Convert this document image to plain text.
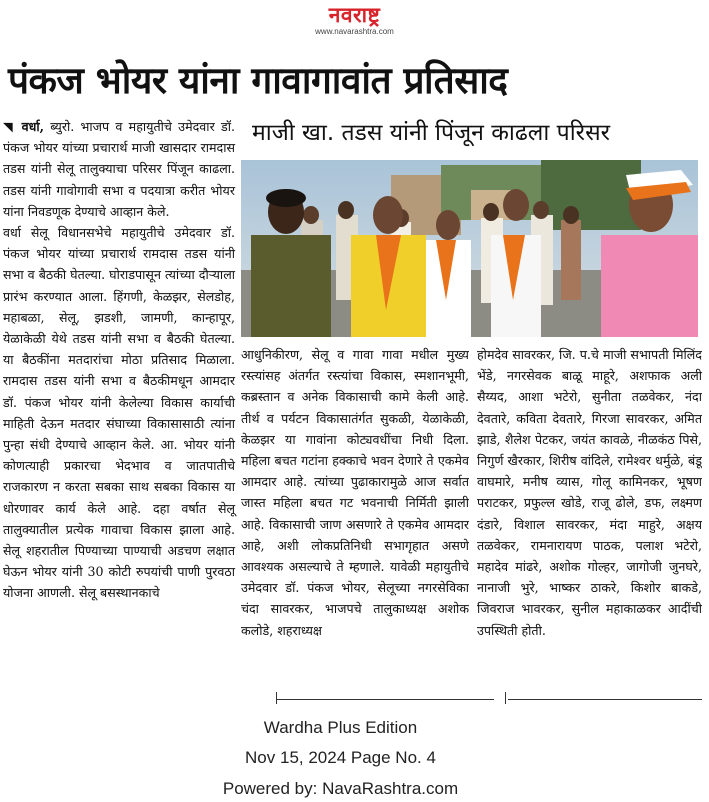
नवराष्ट्र
www.navarashtra.com
पंकज भोयर यांना गावागावांत प्रतिसाद

◥ वर्धा, ब्युरो. भाजप व महायुतीचे उमेदवार डॉ. पंकज भोयर यांच्या प्रचारार्थ माजी खासदार रामदास तडस यांनी सेलू तालुक्याचा परिसर पिंजून काढला. तडस यांनी गावोगावी सभा व पदयात्रा करीत भोयर यांना निवडणूक देण्याचे आव्हान केले.

वर्धा सेलू विधानसभेचे महायुतीचे उमेदवार डॉ. पंकज भोयर यांच्या प्रचारार्थ रामदास तडस यांनी सभा व बैठकी घेतल्या. घोराडपासून त्यांच्या दौऱ्याला प्रारंभ करण्यात आला. हिंगणी, केळझर, सेलडोह, महाबळा, सेलू, झडशी, जामणी, कान्हापूर, येळाकेळी येथे तडस यांनी सभा व बैठकी घेतल्या. या बैठकींना मतदारांचा मोठा प्रतिसाद मिळाला. रामदास तडस यांनी सभा व बैठकीमधून आमदार डॉ. पंकज भोयर यांनी केलेल्या विकास कार्याची माहिती देऊन मतदार संघाच्या विकासासाठी त्यांना पुन्हा संधी देण्याचे आव्हान केले. आ. भोयर यांनी कोणत्याही प्रकारचा भेदभाव व जातपातीचे राजकारण न करता सबका साथ सबका विकास या धोरणावर कार्य केले आहे. दहा वर्षात सेलू तालुक्यातील प्रत्येक गावाचा विकास झाला आहे. सेलू शहरातील पिण्याच्या पाण्याची अडचण लक्षात घेऊन भोयर यांनी 30 कोटी रुपयांची पाणी पुरवठा योजना आणली. सेलू बसस्थानकाचे

माजी खा. तडस यांनी पिंजून काढला परिसर

आधुनिकीरण, सेलू व गावा गावा मधील मुख्य रस्त्यांसह अंतर्गत रस्त्यांचा विकास, स्मशानभूमी, कब्रस्तान व अनेक विकासाची कामे केली आहे. तीर्थ व पर्यटन विकासातंर्गत सुकळी, येळाकेळी, केळझर या गावांना कोट्यवधींचा निधी दिला. महिला बचत गटांना हक्काचे भवन देणारे ते एकमेव आमदार आहे. त्यांच्या पुढाकारामुळे आज सर्वात जास्त महिला बचत गट भवनाची निर्मिती झाली आहे. विकासाची जाण असणारे ते एकमेव आमदार आहे, अशी लोकप्रतिनिधी सभागृहात असणे आवश्यक असल्याचे ते म्हणाले. यावेळी महायुतीचे उमेदवार डॉ. पंकज भोयर, सेलूच्या नगरसेविका चंदा सावरकर, भाजपचे तालुकाध्यक्ष अशोक कलोडे, शहराध्यक्ष

होमदेव सावरकर, जि. प.चे माजी सभापती मिलिंद भेंडे, नगरसेवक बाळू माहूरे, अशफाक अली सैय्यद, आशा भटेरो, सुनीता तळवेकर, नंदा देवतारे, कविता देवतारे, गिरजा सावरकर, अमित झाडे, शैलेश पेटकर, जयंत कावळे, नीळकंठ पिसे, निगुर्ण खैरकार, शिरीष वांदिले, रामेश्वर धर्मुळे, बंडू वाघमारे, मनीष व्यास, गोलू कामिनकर, भूषण पराटकर, प्रफुल्ल खोडे, राजू ढोले, डफ, लक्ष्मण दंडारे, विशाल सावरकर, मंदा माहुरे, अक्षय तळवेकर, रामनारायण पाठक, पलाश भटेरो, महादेव मांढरे, अशोक गोल्हर, जागोजी जुनघरे, नानाजी भुरे, भाष्कर ठाकरे, किशोर बाकडे, जिवराज भावरकर, सुनील महाकाळकर आदींची उपस्थिती होती.

Wardha Plus Edition
Nov 15, 2024 Page No. 4
Powered by: NavaRashtra.com
